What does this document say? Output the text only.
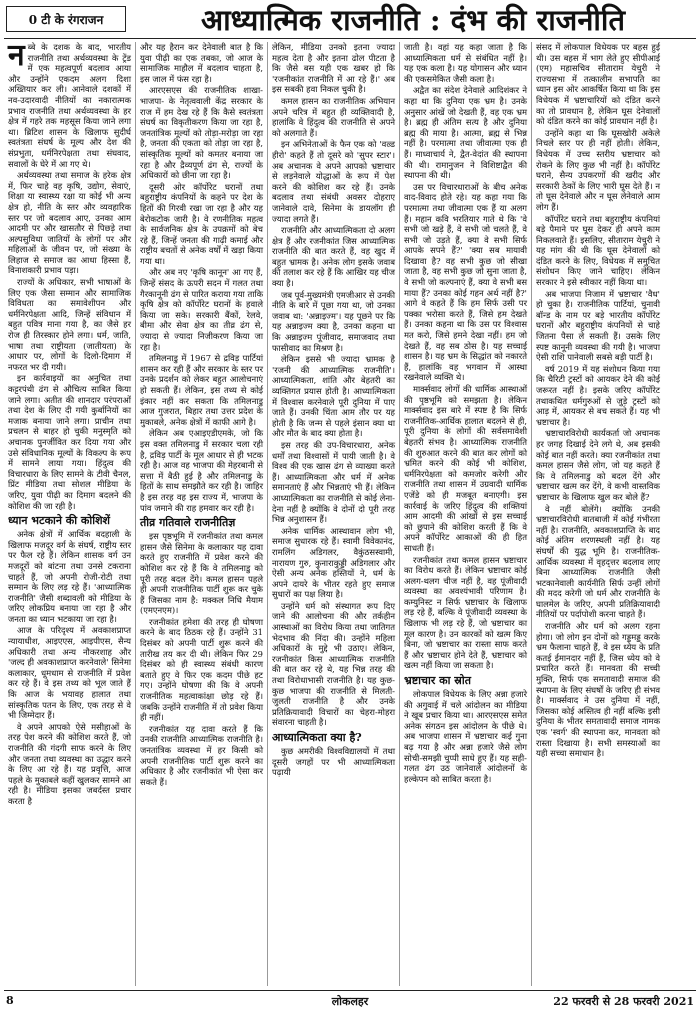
0 टी के रंगराजन	आध्यात्मिक राजनीति : दंभ की राजनीति

नब्बे के दशक के बाद, भारतीय राजनीति तथा अर्थव्यवस्था के ट्रेंड में एक महत्वपूर्ण बदलाव आया और उन्होंने एकदम अलग दिशा अख्तियार कर ली। आनेवाले दशकों में नव-उदारवादी नीतियों का नकारात्मक प्रभाव राजनीति तथा अर्थव्यवस्था के हर क्षेत्र में गहरे तक महसूस किया जाने लगा था। ब्रिटिश शासन के खिलाफ सुदीर्घ स्वतंत्रता संघर्ष के मूल्य और देश की संप्रभुता, धर्मनिरपेक्षता तथा संघवाद, सवालों के घेरे में आ गए थे।

अर्थव्यवस्था तथा समाज के हरेक क्षेत्र में, फिर चाहे वह कृषि, उद्योग, सेवाएं, शिक्षा या स्वास्थ्य रक्षा या कोई भी अन्य क्षेत्र हो, नीति के स्तर और व्यवहारिक स्तर पर जो बदलाव आए, उनका आम आदमी पर और खासतौर से पिछड़े तथा अल्पसुविधा जातियों के लोगों पर और महिलाओं के जीवन पर, जो संख्या के लिहाज से समाज का आधा हिस्सा हैं, विनाशकारी प्रभाव पड़ा।

राज्यों के अधिकार, सभी भाषाओं के लिए एक जैसा सम्मान और सामाजिक विविधता का समावेशीपन और धर्मनिरपेक्षता आदि, जिन्हें संविधान में बहुत पवित्र माना गया है, का जैसे हर रोज ही तिरस्कार होने लगा। धर्म, जाति, भाषा तथा राष्ट्रीयता (जातीयता) के आधार पर, लोगों के दिलो-दिमाग में नफरत भर दी गयी।

इन कार्रवाइयों का अनुचित तथा कट्टरपंथी ढंग से औचित्य साबित किया जाने लगा। अतीत की शानदार परंपराओं तथा देश के लिए दी गयी कुर्बानियों का मजाक बनाया जाने लगा। प्राचीन तथा प्रचलन से बाहर हो चुकी मनुस्मृति को अचानक पुनर्जीवित कर दिया गया और उसे संविधानिक मूल्यों के विकल्प के रूप में सामने लाया गया। हिंदुत्व की विचारधारा के लिए सामने के टीवी चैनल, प्रिंट मीडिया तथा सोशल मीडिया के जरिए, युवा पीढ़ी का दिमाग बदलने की कोशिश की जा रही है।

ध्यान भटकाने की कोशिशें

अनेक क्षेत्रों में आर्थिक बदहाली के खिलाफ मजदूर वर्ग के संघर्ष, राष्ट्रीय स्तर पर फैल रहे हैं। लेकिन शासक वर्ग उन मजदूरों को बांटना तथा उनसे टकराना चाहते हैं, जो अपनी रोजी-रोटी तथा सम्मान के लिए लड़ रहे हैं। 'आध्यात्मिक राजनीति' जैसी शब्दावली को मीडिया के जरिए लोकप्रिय बनाया जा रहा है और जनता का ध्यान भटकाया जा रहा है।

आज के परिदृश्य में अवकाशप्राप्त न्यायाधीश, आइएएस, आइपीएस, सैन्य अधिकारी तथा अन्य नौकरशाह और 'जल्द ही अवकाशप्राप्त करनेवाले' सिनेमा कलाकार, धूमधाम से राजनीति में प्रवेश कर रहे हैं। वे इस तथ्य को भूल जाते हैं कि आज के भयावह हालात तथा सांस्कृतिक पतन के लिए, एक तरह से वे भी जिम्मेदार हैं।

वे अपने आपको ऐसे मसीहाओं के तरह पेश करने की कोशिश करते हैं, जो राजनीति की गंदगी साफ करने के लिए और जनता तथा व्यवस्था का उद्धार करने के लिए आ रहे हैं। यह प्रवृत्ति, आज पहले के मुकाबले कहीं खुलकर सामने आ रही है। मीडिया इसका जबर्दस्त प्रचार करता है

और यह हैरान कर देनेवाली बात है कि युवा पीढ़ी का एक तबका, जो आज के सामाजिक माहौल में बदलाव चाहता है, इस जाल में फंस रहा है।

आरएसएस की राजनीतिक शाखा-भाजपा- के नेतृत्ववाली केंद्र सरकार के राज में हम देख रहे हैं कि कैसे स्वतंत्रता संघर्ष का विकृतीकरण किया जा रहा है, जनतांत्रिक मूल्यों को तोड़ा-मरोड़ा जा रहा है, जनता की एकता को तोड़ा जा रहा है, सांस्कृतिक मूल्यों को कमतर बनाया जा रहा है और द्रैव्यपूर्ण ढंग से, राज्यों के अधिकारों को छीना जा रहा है।

दूसरी ओर कॉर्पोरेट घरानों तथा बहुराष्ट्रीय कंपनियों के कहने पर देश के हितों की गिरवी रखा जा रहा है और यह बेरोकटोक जारी है। वे रणनीतिक महत्व के सार्वजनिक क्षेत्र के उपक्रमों को बेच रहे हैं, जिन्हें जनता की गाढ़ी कमाई और राष्ट्रीय बचतों से अनेक वर्षों में खड़ा किया गया था।

और अब नए 'कृषि कानून' आ गए हैं, जिन्हें संसद के ऊपरी सदन में गलत तथा गैरकानूनी ढंग से पारित कराया गया ताकि कृषि क्षेत्र को कॉर्पोरेट घरानों के हवाले किया जा सके। सरकारी बैंकों, रेलवे, बीमा और सेवा क्षेत्र का तीव्र ढंग से, ज्यादा से ज्यादा निजीकरण किया जा रहा है।

तमिलनाडु में 1967 से द्रविड़ पार्टियां शासन कर रही हैं और सरकार के स्तर पर उनके प्रदर्शन को लेकर बहुत आलोचनाएं हो सकती हैं। लेकिन, इस तथ्य से कोई इंकार नहीं कर सकता कि तमिलनाडु आज गुजरात, बिहार तथा उत्तर प्रदेश के मुकाबले, अनेक क्षेत्रों में काफी आगे है।

लेकिन अब एआइएडीएमके, जो कि इस वक्त तमिलनाडु में सरकार चला रही है, द्रविड़ पार्टी के मूल आधार से ही भटक रही है। आज वह भाजपा की मेहरबानी से सत्ता में बैठी हुई है और तमिलनाडु के हितों के साथ समझौते कर रही है। जाहिर है इस तरह वह इस राज्य में, भाजपा के पांव जमाने की राह हमवार कर रही है।

तीव्र गतिवाले राजनीतिज्ञ

इस पृष्ठभूमि में रजनीकांत तथा कमल हासन जैसे सिनेमा के कलाकार यह दावा करते हुए राजनीति में प्रवेश करने की कोशिश कर रहे हैं कि वे तमिलनाडु को पूरी तरह बदल देंगे। कमल हासन पहले ही अपनी राजनीतिक पार्टी शुरू कर चुके हैं जिसका नाम है: मक्कल निधि मैयाम (एमएनएम)।

रजनीकांत हमेशा की तरह ही घोषणा करने के बाद ठिठक रहे हैं। उन्होंने 31 दिसंबर को अपनी पार्टी शुरू करने की तारीख तय कर दी थी। लेकिन फिर 29 दिसंबर को ही स्वास्थ्य संबंधी कारण बताते हुए वे फिर एक कदम पीछे हट गए। उन्होंने घोषणा की कि वे अपनी राजनीतिक महत्वाकांक्षा छोड़ रहे हैं। जबकि उन्होंने राजनीति में तो प्रवेश किया ही नहीं।

रजनीकांत यह दावा करते हैं कि उनकी राजनीति आध्यात्मिक राजनीति है। जनतांत्रिक व्यवस्था में हर किसी को अपनी राजनीतिक पार्टी शुरू करने का अधिकार है और रजनीकांत भी ऐसा कर सकते हैं।

लेकिन, मीडिया उनको इतना ज्यादा महत्व देता है और इतना ढोल पीटता है कि जैसे बस यही एक खबर हो कि 'रजनीकांत राजनीति में आ रहे हैं।' अब इस सबकी हवा निकल चुकी है।

कमल हासन का राजनीतिक अभियान अपने चरित्र में बहुत ही व्यक्तिवादी है, हालांकि वे हिंदुत्व की राजनीति से अपने को अलगाते हैं।

इन अभिनेताओं के फैन एक को 'वल्र्ड हीरो' कहते हैं तो दूसरे को 'सुपर स्टार'। अब अचानक वे अपने आपको भ्रष्टाचार से लड़नेवाले योद्धाओं के रूप में पेश करने की कोशिश कर रहे हैं। उनके बदलाव तथा संबंधी अवसर दोहराए जानेवाले दावे, सिनेमा के डायलॉग ही ज्यादा लगते हैं।

राजनीति और आध्यात्मिकता दो अलग क्षेत्र हैं और रजनीकांत जिस आध्यात्मिक राजनीति की बात करते हैं, वह खुद में बहुत भ्रामक है। अनेक लोग इसके जवाब की तलाश कर रहे हैं कि आखिर यह चीज क्या है।

जब पूर्व-मुख्यमंत्री एमजीआर से उनकी नीति के बारे में पूछा गया था, जो उनका जवाब था: 'अन्नाइज्म'। यह पूछने पर कि यह अन्नाइज्म क्या है, उनका कहना था कि अन्नाइज्म पूंजीवाद, समाजवाद तथा फासीवाद का मिश्रण है।

लेकिन इससे भी ज्यादा भ्रामक है 'रजनी की आध्यात्मिक राजनीति'। आध्यात्मिकता, शांति और बेहतरी का व्यक्तिगत प्रयास होती है। आध्यात्मिकता में विश्वास करनेवाले पूरी दुनिया में पाए जाते हैं। उनकी चिंता आम तौर पर यह होती है कि जन्म से पहले इंसान क्या था और मौत के बाद क्या होता है।

इस तरह की उप-विचारधारा, अनेक धर्मों तथा विश्वासों में पायी जाती है। वे विश्व की एक खास ढंग से व्याख्या करते हैं। आध्यात्मिकता और धर्म में अनेक समानताएं हैं और भिन्नताएं भी हैं। लेकिन आध्यात्मिकता का राजनीति से कोई लेना-देना नहीं है क्योंकि वे दोनों दो पूरी तरह भिन्न अनुशासन हैं।

अनेक धार्मिक आस्थावान लोग भी, समाज सुधारक रहे हैं। स्वामी विवेकानंद, रामलिंग अडिगलर, वैकुंठसस्वामी, नारायण गुरु, कुनाराकुड्डी अडिगलार और ऐसी अन्य अनेक हस्तियों ने, धर्म के अपने दायरे के भीतर रहते हुए समाज सुधारों का पक्ष लिया है।

उन्होंने धर्म को संस्थागत रूप दिए जाने की आलोचना की और तर्कहीन आस्थाओं का विरोध किया तथा जातिगत भेदभाव की निंदा की। उन्होंने महिला अधिकारों के मुद्दे भी उठाए। लेकिन, रजनीकांत किस आध्यात्मिक राजनीति की बात कर रहे थे, यह भिन्न तरह की तथा विरोधाभासी राजनीति है। यह कुछ-कुछ भाजपा की राजनीति से मिलती-जुलती राजनीति है और उनके प्रतिक्रियावादी विचारों का चेहरा-मोहरा संवारना चाहती है।

आध्यात्मिकता क्या है?

कुछ अमरीकी विश्वविद्यालयों में तथा दूसरी जगहों पर भी आध्यात्मिकता पढ़ायी

जाती है। वहां यह कहा जाता है कि आध्यात्मिकता धर्म से संबंधित नहीं है। यह एक कला है। यह योगासन और ध्यान की एकसमेकित जैसी कला है।

अद्वैत का संदेश देनेवाले आदिशंकर ने कहा था कि दुनिया एक भ्रम है। उनके अनुसार आंखें जो देखती हैं, वह एक भ्रम है। ब्रह्म ही अंतिम सत्य है और दुनिया ब्रह्म की माया है। आत्मा, ब्रह्म से भिन्न नहीं है। परमात्मा तथा जीवात्मा एक ही हैं। माध्वाचार्य ने, द्वैत-वेदांत की स्थापना की थी। रामानुजन ने विशिष्टाद्वैत की स्थापना की थी।

उस पर विचारधाराओं के बीच अनेक वाद-विवाद होते रहे। यह कहा गया कि परमात्मा तथा जीवात्मा एक हैं या अलग हैं। महान कवि भरतियार गाते थे कि 'वे सभी जो खड़े हैं, वे सभी जो चलते हैं, वे सभी जो उड़ते हैं, क्या वे सभी सिर्फ आपके सपने हैं?' 'क्या सब मायावी दिखावा है? वह सभी कुछ जो सीखा जाता है, वह सभी कुछ जो सुना जाता है, वे सभी जो कल्पनाएं हैं, क्या वे सभी बस माया हैं? उनका कोई गहन अर्थ नहीं है?' आगे वे कहते हैं कि हम सिर्फ उसी पर पक्का भरोसा करते हैं, जिसे हम देखते हैं। उनका कहना था कि उस पर विश्वास मत करो, जिसे हमने देखा नहीं। हम जो देखते हैं, वह सब ठोस है। यह सच्चाई शासन है। यह भ्रम के सिद्धांत को नकारते हैं, हालांकि वह भगवान में आस्था रखनेवाले व्यक्ति थे।

मार्क्सवाद लोगों की धार्मिक आस्थाओं की पृष्ठभूमि को समझता है। लेकिन मार्क्सवाद इस बारे में स्पष्ट है कि सिर्फ राजनीतिक-आर्थिक हालात बदलने से ही, पूरी दुनिया के लोगों की सर्वसमावेशी बेहतरी संभव है। आध्यात्मिक राजनीति की शुरुआत करने की बात कर लोगों को भ्रमित करने की कोई भी कोशिश, धर्मनिरपेक्षता को कमजोर करेगी और राजनीति तथा शासन में उग्रवादी धार्मिक एजेंडे को ही मजबूत बनाएगी। इस कार्रवाई के जरिए हिंदुत्व की शक्तियां आम आदमी की आंखों से इस सच्चाई को छुपाने की कोशिश करती हैं कि वे अपने कॉर्पोरेट आकाओं की ही हित साधती हैं।

रजनीकांत तथा कमल हासन भ्रष्टाचार का विरोध करते हैं। लेकिन भ्रष्टाचार कोई अलग-थलग चीज नहीं है, वह पूंजीवादी व्यवस्था का अवश्यंभावी परिणाम है। कम्युनिस्ट न सिर्फ भ्रष्टाचार के खिलाफ लड़ रहे हैं, बल्कि वे पूंजीवादी व्यवस्था के खिलाफ भी लड़ रहे हैं, जो भ्रष्टाचार का मूल कारण है। उन कारकों को खत्म किए बिना, जो भ्रष्टाचार का रास्ता साफ करते हैं और भ्रष्टाचार होने देते हैं, भ्रष्टाचार को खत्म नहीं किया जा सकता है।

भ्रष्टाचार का स्रोत

लोकपाल विधेयक के लिए अन्ना हजारे की अगुवाई में चले आंदोलन का मीडिया ने खूब प्रचार किया था। आरएसएस समेत अनेक संगठन इस आंदोलन के पीछे थे। अब भाजपा शासन में भ्रष्टाचार कई गुना बढ़ गया है और अन्ना हजारे जैसे लोग सोची-समझी चुप्पी साधे हुए हैं। यह सही-गलत ढंग उठ जानेवाले आंदोलनों के हल्केपन को साबित करता है।

संसद में लोकपाल विधेयक पर बहस हुई थी। उस बहस में भाग लेते हुए सीपीआई (एम) महासचिव सीताराम येचुरी ने राज्यसभा में तत्कालीन सभापति का ध्यान इस ओर आकर्षित किया था कि इस विधेयक में भ्रष्टाचारियों को दंडित करने का तो प्रावधान है, लेकिन घूस देनेवालों को दंडित करने का कोई प्रावधान नहीं है।

उन्होंने कहा था कि घूसखोरी अकेले निचले स्तर पर ही नहीं होती। लेकिन, विधेयक में उच्च स्तरीय भ्रष्टाचार को रोकने के लिए कुछ भी नहीं है। कॉर्पोरेट घराने, सैन्य उपकरणों की खरीद और सरकारी ठेकों के लिए भारी घूस देते हैं। न तो घूस देनेवाले और न घूस लेनेवाले आम लोग हैं।

कॉर्पोरेट घराने तथा बहुराष्ट्रीय कंपनियां बड़े पैमाने पर घूस देकर ही अपने काम निकलवाते हैं। इसलिए, सीताराम येचुरी ने यह मांग की थी कि घूस देनेवालों को दंडित करने के लिए, विधेयक में समुचित संशोधन किए जाने चाहिए। लेकिन सरकार ने इसे स्वीकार नहीं किया था।

अब भाजपा निजाम में भ्रष्टाचार 'वैध' हो चुका है। राजनीतिक पार्टियां, चुनावी बॉन्ड के नाम पर बड़े भारतीय कॉर्पोरेट घरानों और बहुराष्ट्रीय कंपनियों से चाहे जितना पैसा ले सकती हैं। उसके लिए स्पष्ट कानूनी व्यवस्था की गयी है। भाजपा ऐसी राशि पानेवाली सबसे बड़ी पार्टी है।

वर्ष 2019 में यह संशोधन किया गया कि चैरिटी ट्रस्टों को आयकर देने की कोई जरूरत नहीं है। इसके जरिए कॉर्पोरेट तथाकथित धर्मगुरुओं से जुड़े ट्रस्टों को आड़ में, आयकर से बच सकते हैं। यह भी भ्रष्टाचार है।

भ्रष्टाचारविरोधी कार्यकर्ता जो अचानक हर जगह दिखाई देने लगे थे, अब इसकी कोई बात नहीं करते। क्या रजनीकांत तथा कमल हासन जैसे लोग, जो यह कहते हैं कि वे तमिलनाडु को बदल देंगे और भ्रष्टाचार खत्म कर देंगे, वे कभी वास्तविक भ्रष्टाचार के खिलाफ खुल कर बोले हैं?

वे नहीं बोलेंगे। क्योंकि उनकी भ्रष्टाचारविरोधी बातबाजी में कोई गंभीरता नहीं है। राजनीति, अवकाशप्राप्ति के बाद कोई अंतिम शरणस्थली नहीं है। यह संघर्षों की युद्ध भूमि है। राजनीतिक-आर्थिक व्यवस्था में वृहद्त्तर बदलाव लाए बिना आध्यात्मिक राजनीति जैसी भटकानेवाली कार्यनीति सिर्फ उन्हीं लोगों की मदद करेगी जो धर्म और राजनीति के घालमेल के जरिए, अपनी प्रतिक्रियावादी नीतियों पर पर्दापोशी करना चाहते हैं।

राजनीति और धर्म को अलग रहना होगा। जो लोग इन दोनों को गड्डमड्ड करके भ्रम फैलाना चाहते हैं, वे इस ध्येय के प्रति कतई ईमानदार नहीं हैं, जिस ध्येय को वे प्रचारित करते हैं। मानवता की सच्ची मुक्ति, सिर्फ एक समतावादी समाज की स्थापना के लिए संघर्षों के जरिए ही संभव है। मार्क्सवाद ने उस दुनिया में नहीं, जिसका कोई अस्तित्व ही नहीं बल्कि इसी दुनिया के भीतर समतावादी समाज नामक एक 'स्वर्ग' की स्थापना कर, मानवता को रास्ता दिखाया है। सभी समस्याओं का यही सच्चा समाधान है।

8	लोकलहर	22 फरवरी से 28 फरवरी 2021
